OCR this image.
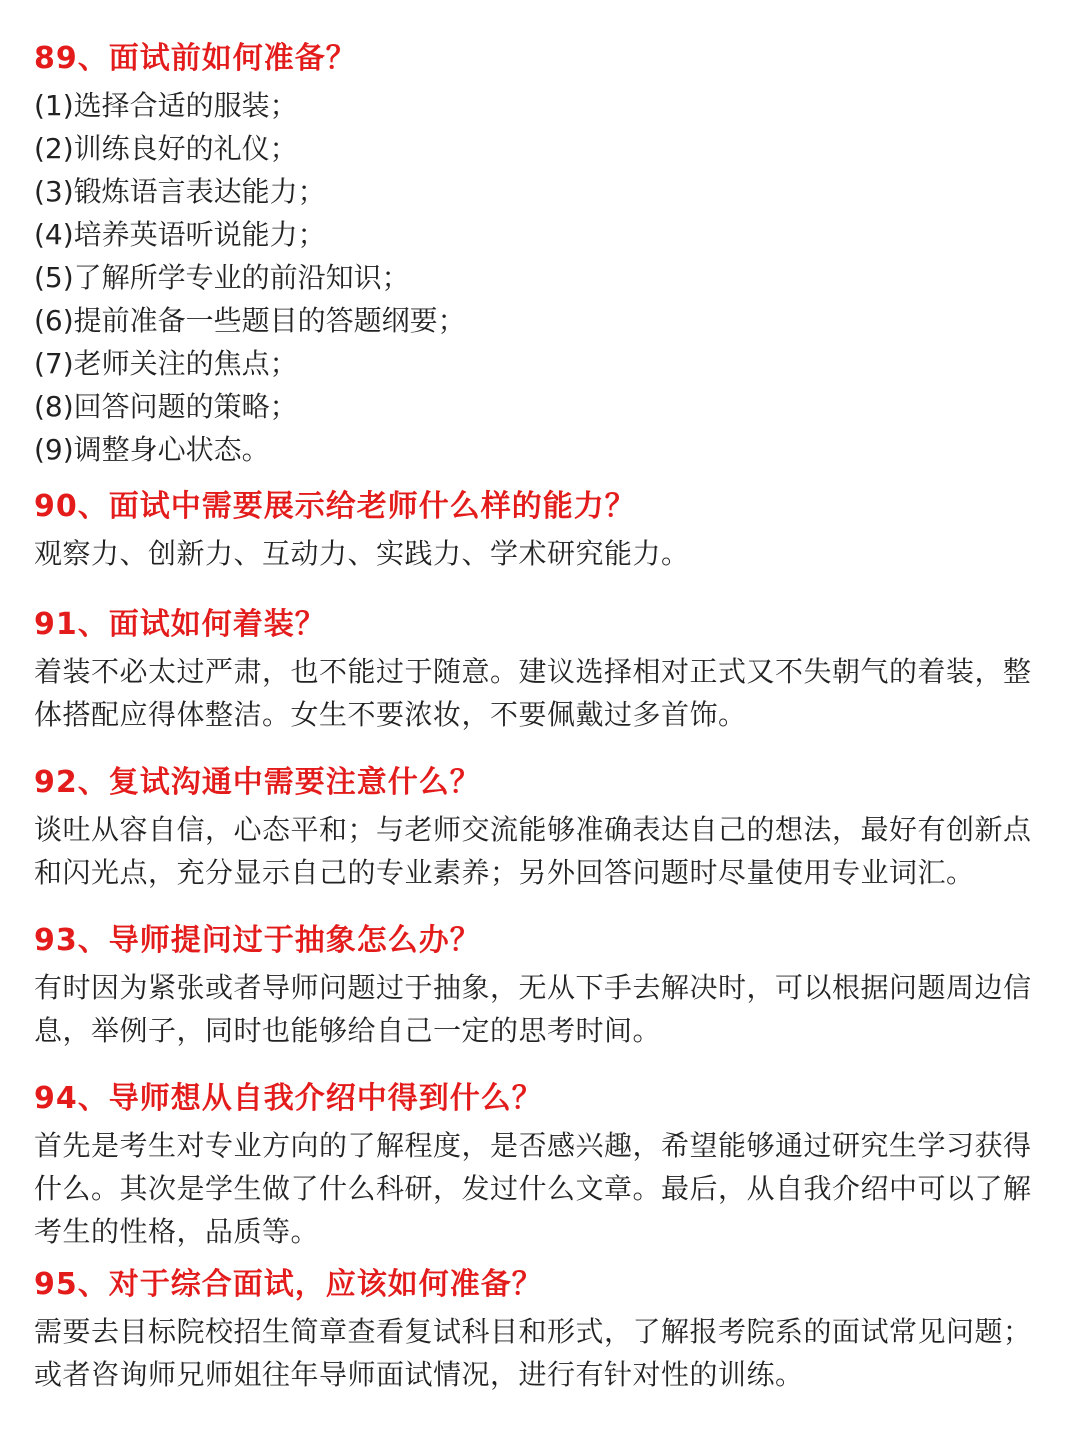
89、面试前如何准备？

(1)选择合适的服装；
(2)训练良好的礼仪；
(3)锻炼语言表达能力；
(4)培养英语听说能力；
(5)了解所学专业的前沿知识；
(6)提前准备一些题目的答题纲要；
(7)老师关注的焦点；
(8)回答问题的策略；
(9)调整身心状态。

90、面试中需要展示给老师什么样的能力？

观察力、创新力、互动力、实践力、学术研究能力。

91、面试如何着装？

着装不必太过严肃，也不能过于随意。建议选择相对正式又不失朝气的着装，整体搭配应得体整洁。女生不要浓妆，不要佩戴过多首饰。

92、复试沟通中需要注意什么？

谈吐从容自信，心态平和；与老师交流能够准确表达自己的想法，最好有创新点和闪光点，充分显示自己的专业素养；另外回答问题时尽量使用专业词汇。

93、导师提问过于抽象怎么办？

有时因为紧张或者导师问题过于抽象，无从下手去解决时，可以根据问题周边信息，举例子，同时也能够给自己一定的思考时间。

94、导师想从自我介绍中得到什么？

首先是考生对专业方向的了解程度，是否感兴趣，希望能够通过研究生学习获得什么。其次是学生做了什么科研，发过什么文章。最后，从自我介绍中可以了解考生的性格，品质等。

95、对于综合面试，应该如何准备？

需要去目标院校招生简章查看复试科目和形式，了解报考院系的面试常见问题；或者咨询师兄师姐往年导师面试情况，进行有针对性的训练。
